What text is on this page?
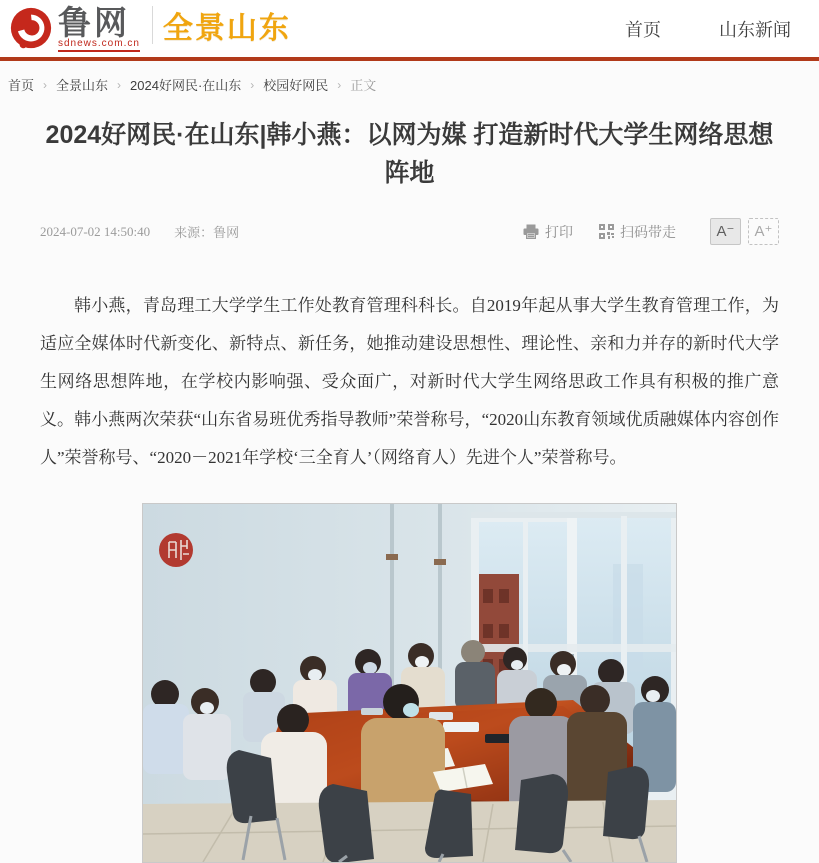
鲁网
sdnews.com.cn 全景山东	首页	山东新闻
首页 › 全景山东 › 2024好网民·在山东 › 校园好网民 › 正文
2024好网民·在山东|韩小燕：以网为媒 打造新时代大学生网络思想阵地
2024-07-02 14:50:40 来源：鲁网	打印	扫码带走	A⁻	A⁺

韩小燕，青岛理工大学学生工作处教育管理科科长。自2019年起从事大学生教育管理工作，为适应全媒体时代新变化、新特点、新任务，她推动建设思想性、理论性、亲和力并存的新时代大学生网络思想阵地，在学校内影响强、受众面广，对新时代大学生网络思政工作具有积极的推广意义。韩小燕两次荣获“山东省易班优秀指导教师”荣誉称号，“2020山东教育领域优质融媒体内容创作人”荣誉称号、“2020－2021年学校‘三全育人’（网络育人）先进个人”荣誉称号。
